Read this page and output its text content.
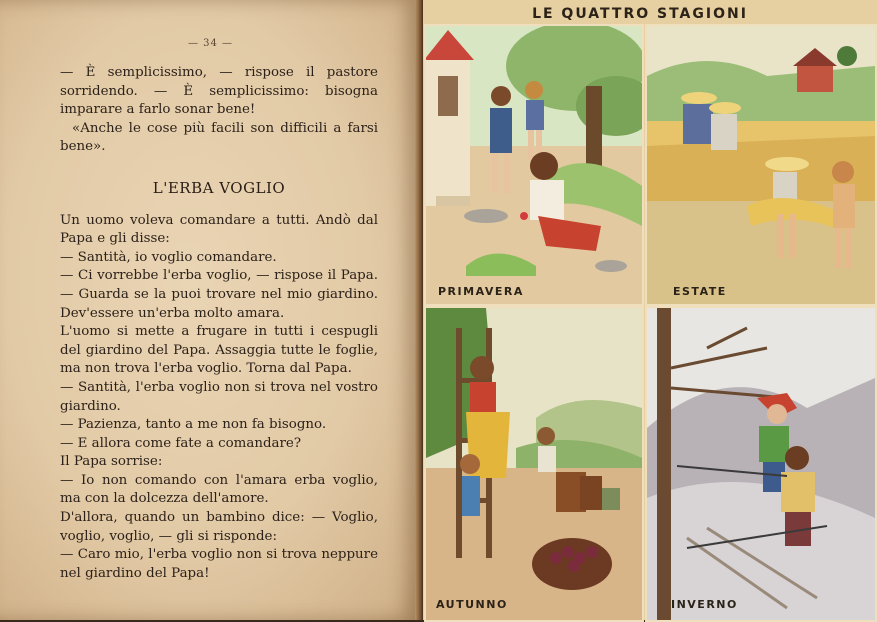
— 34 —

— È semplicissimo, — rispose il pastore sorridendo. — È semplicissimo: bisogna imparare a farlo sonar bene!

«Anche le cose più facili son difficili a farsi bene».

L'ERBA VOGLIO

Un uomo voleva comandare a tutti. Andò dal Papa e gli disse:

— Santità, io voglio comandare.

— Ci vorrebbe l'erba voglio, — rispose il Papa. — Guarda se la puoi trovare nel mio giardino. Dev'essere un'erba molto amara.

L'uomo si mette a frugare in tutti i cespugli del giardino del Papa. Assaggia tutte le foglie, ma non trova l'erba voglio. Torna dal Papa.

— Santità, l'erba voglio non si trova nel vostro giardino.

— Pazienza, tanto a me non fa bisogno.

— E allora come fate a comandare?

Il Papa sorrise:

— Io non comando con l'amara erba voglio, ma con la dolcezza dell'amore.

D'allora, quando un bambino dice: — Voglio, voglio, voglio, — gli si risponde:

— Caro mio, l'erba voglio non si trova neppure nel giardino del Papa!

LE QUATTRO STAGIONI
PRIMAVERA	ESTATE
AUTUNNO	INVERNO
